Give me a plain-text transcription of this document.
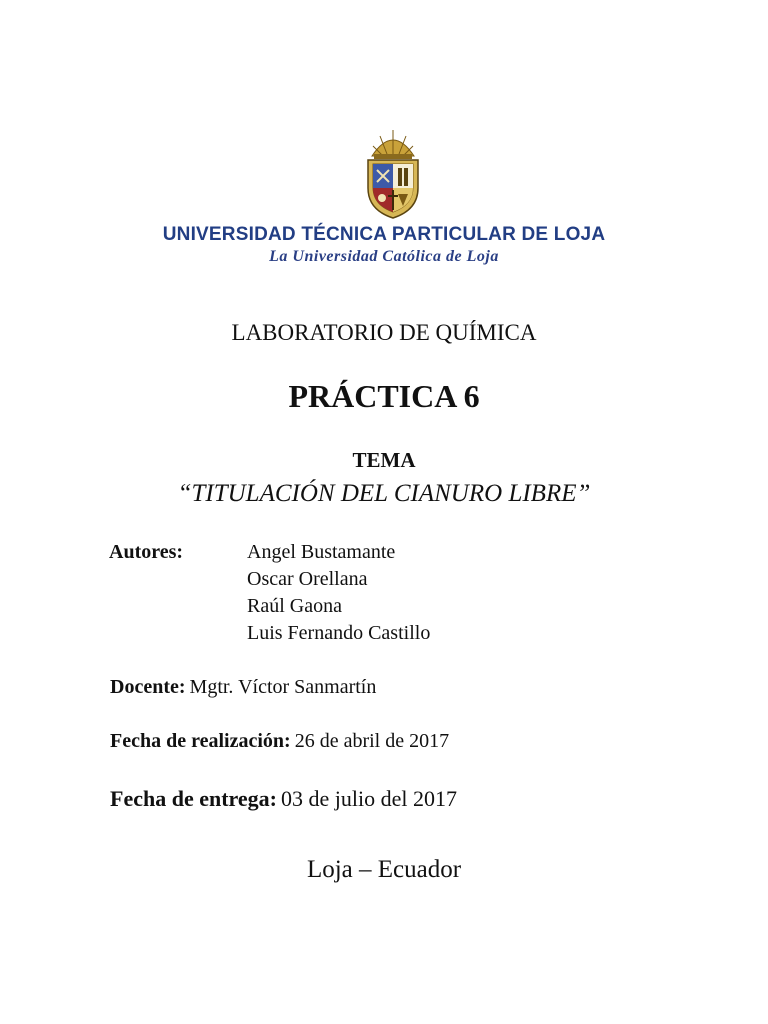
UNIVERSIDAD TÉCNICA PARTICULAR DE LOJA
La Universidad Católica de Loja
LABORATORIO DE QUÍMICA
PRÁCTICA 6
TEMA
“TITULACIÓN DEL CIANURO LIBRE”
Autores:	Angel Bustamante
Oscar Orellana
Raúl Gaona
Luis Fernando Castillo
Docente: Mgtr. Víctor Sanmartín
Fecha de realización: 26 de abril de 2017
Fecha de entrega: 03 de julio del 2017
Loja – Ecuador
